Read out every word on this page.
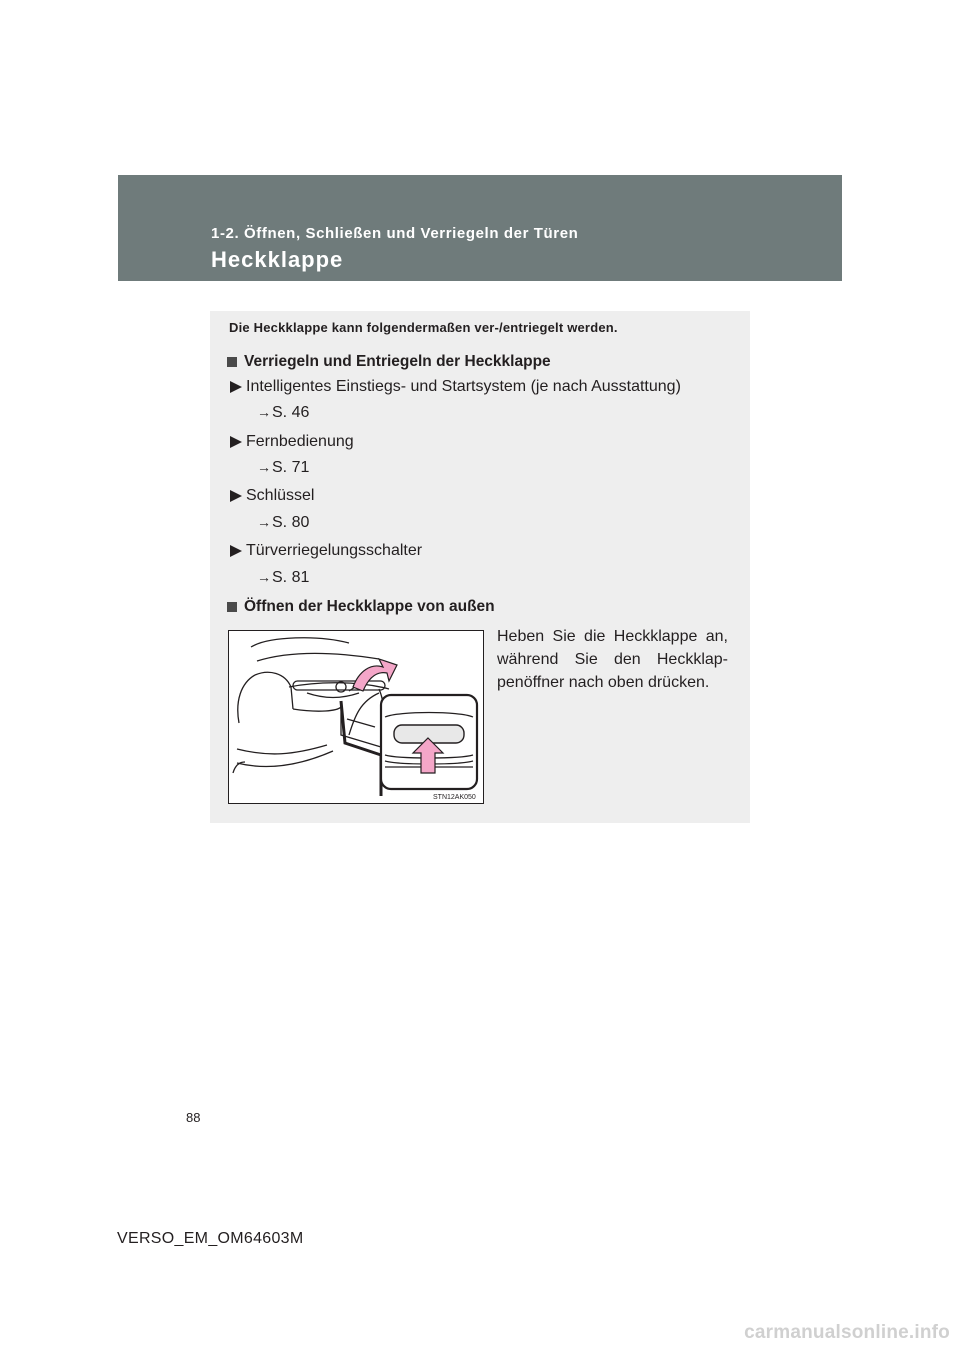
1-2. Öffnen, Schließen und Verriegeln der Türen
Heckklappe
Die Heckklappe kann folgendermaßen ver-/entriegelt werden.
Verriegeln und Entriegeln der Heckklappe
Intelligentes Einstiegs- und Startsystem (je nach Ausstattung)
→S. 46
Fernbedienung
→S. 71
Schlüssel
→S. 80
Türverriegelungsschalter
→S. 81
Öffnen der Heckklappe von außen
STN12AK050
Heben Sie die Heckklappe an, während Sie den Heckklappenöffner nach oben drücken.
88
VERSO_EM_OM64603M
carmanualsonline.info
